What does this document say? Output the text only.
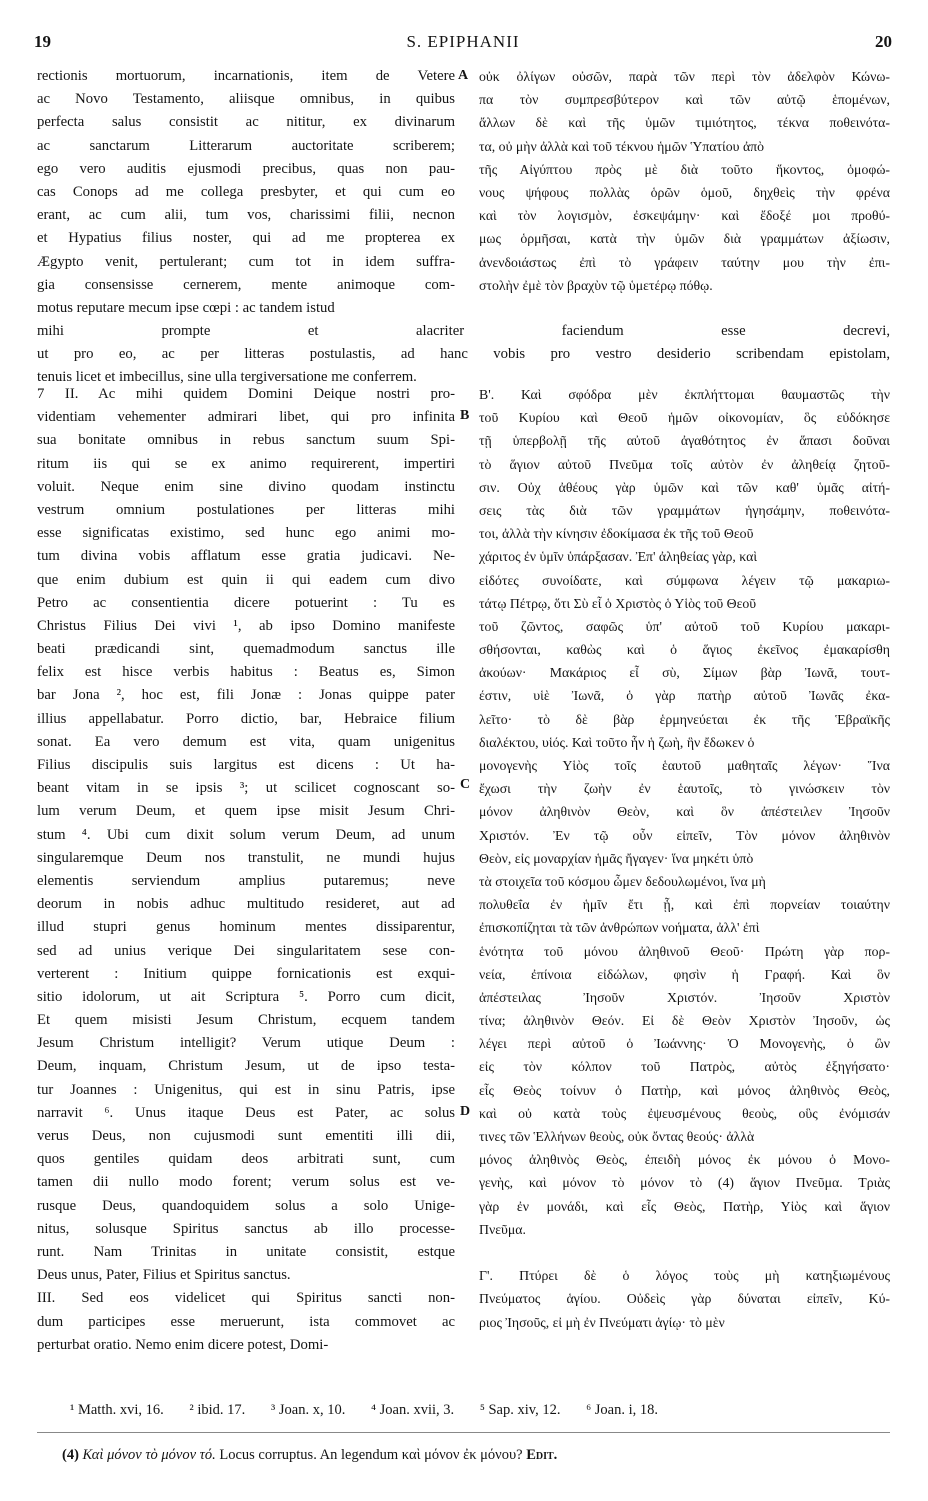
19	S. EPIPHANII	20
rectionis mortuorum, incarnationis, item de Vetere
ac Novo Testamento, aliisque omnibus, in quibus
perfecta salus consistit ac nititur, ex divinarum
ac sanctarum Litterarum auctoritate scriberem;
ego vero auditis ejusmodi precibus, quas non pau-
cas Conops ad me collega presbyter, et qui cum eo
erant, ac cum alii, tum vos, charissimi filii, necnon
et Hypatius filius noster, qui ad me propterea ex
Ægypto venit, pertulerant; cum tot in idem suffra-
gia consensisse cernerem, mente animoque com-
motus reputare mecum ipse cœpi : ac tandem istud
οὐκ ὀλίγων οὐσῶν, παρὰ τῶν περὶ τὸν ἀδελφὸν Κώνω-
πα τὸν συμπρεσβύτερον καὶ τῶν αὐτῷ ἑπομένων,
ἄλλων δὲ καὶ τῆς ὑμῶν τιμιότητος, τέκνα ποθεινότα-
τα, οὐ μὴν ἀλλὰ καὶ τοῦ τέκνου ἡμῶν Ὑπατίου ἀπὸ
τῆς Αἰγύπτου πρὸς μὲ διὰ τοῦτο ἥκοντος, ὁμοφώ-
νους ψήφους πολλὰς ὁρῶν ὁμοῦ, δηχθεὶς τὴν φρένα
καὶ τὸν λογισμὸν, ἐσκεψάμην· καὶ ἔδοξέ μοι προθύ-
μως ὁρμῆσαι, κατὰ τὴν ὑμῶν διὰ γραμμάτων ἀξίωσιν,
ἀνενδοιάστως ἐπὶ τὸ γράφειν ταύτην μου τὴν ἐπι-
στολὴν ἐμὲ τὸν βραχὺν τῷ ὑμετέρῳ πόθῳ.
mihi prompte et alacriter faciendum esse decrevi,
ut pro eo, ac per litteras postulastis, ad hanc vobis pro vestro desiderio scribendam epistolam,
tenuis licet et imbecillus, sine ulla tergiversatione me conferrem.
7 II. Ac mihi quidem Domini Deique nostri pro-
videntiam vehementer admirari libet, qui pro infinita
sua bonitate omnibus in rebus sanctum suum Spi-
ritum iis qui se ex animo requirerent, impertiri
voluit. Neque enim sine divino quodam instinctu
vestrum omnium postulationes per litteras mihi
esse significatas existimo, sed hunc ego animi mo-
tum divina vobis afflatum esse gratia judicavi. Ne-
que enim dubium est quin ii qui eadem cum divo
Petro ac consentientia dicere potuerint : Tu es
Christus Filius Dei vivi ¹, ab ipso Domino manifeste
beati prædicandi sint, quemadmodum sanctus ille
felix est hisce verbis habitus : Beatus es, Simon
bar Jona ², hoc est, fili Jonæ : Jonas quippe pater
illius appellabatur. Porro dictio, bar, Hebraice filium
sonat. Ea vero demum est vita, quam unigenitus
Filius discipulis suis largitus est dicens : Ut ha-
beant vitam in se ipsis ³; ut scilicet cognoscant so-
lum verum Deum, et quem ipse misit Jesum Chri-
stum ⁴. Ubi cum dixit solum verum Deum, ad unum
singularemque Deum nos transtulit, ne mundi hujus
elementis serviendum amplius putaremus; neve
deorum in nobis adhuc multitudo resideret, aut ad
illud stupri genus hominum mentes dissiparentur,
sed ad unius verique Dei singularitatem sese con-
verterent : Initium quippe fornicationis est exqui-
sitio idolorum, ut ait Scriptura ⁵. Porro cum dicit,
Et quem misisti Jesum Christum, ecquem tandem
Jesum Christum intelligit? Verum utique Deum :
Deum, inquam, Christum Jesum, ut de ipso testa-
tur Joannes : Unigenitus, qui est in sinu Patris, ipse
narravit ⁶. Unus itaque Deus est Pater, ac solus
verus Deus, non cujusmodi sunt ementiti illi dii,
quos gentiles quidam deos arbitrati sunt, cum
tamen dii nullo modo forent; verum solus est ve-
rusque Deus, quandoquidem solus a solo Unige-
nitus, solusque Spiritus sanctus ab illo processe-
runt. Nam Trinitas in unitate consistit, estque
Deus unus, Pater, Filius et Spiritus sanctus.
III. Sed eos videlicet qui Spiritus sancti non-
dum participes esse meruerunt, ista commovet ac
perturbat oratio. Nemo enim dicere potest, Domi-
Β'. Καὶ σφόδρα μὲν ἐκπλήττομαι θαυμαστῶς τὴν
τοῦ Κυρίου καὶ Θεοῦ ἡμῶν οἰκονομίαν, ὃς εὐδόκησε
τῇ ὑπερβολῇ τῆς αὐτοῦ ἀγαθότητος ἐν ἅπασι δοῦναι
τὸ ἅγιον αὐτοῦ Πνεῦμα τοῖς αὐτὸν ἐν ἀληθείᾳ ζητοῦ-
σιν. Οὐχ ἀθέους γὰρ ὑμῶν καὶ τῶν καθ' ὑμᾶς αἰτή-
σεις τὰς διὰ τῶν γραμμάτων ἡγησάμην, ποθεινότα-
τοι, ἀλλὰ τὴν κίνησιν ἐδοκίμασα ἐκ τῆς τοῦ Θεοῦ
χάριτος ἐν ὑμῖν ὑπάρξασαν. Ἐπ' ἀληθείας γὰρ, καὶ
εἰδότες συνοίδατε, καὶ σύμφωνα λέγειν τῷ μακαριω-
τάτῳ Πέτρῳ, ὅτι Σὺ εἶ ὁ Χριστὸς ὁ Υἱὸς τοῦ Θεοῦ
τοῦ ζῶντος, σαφῶς ὑπ' αὐτοῦ τοῦ Κυρίου μακαρι-
σθήσονται, καθὼς καὶ ὁ ἅγιος ἐκεῖνος ἐμακαρίσθη
ἀκούων· Μακάριος εἶ σὺ, Σίμων βὰρ Ἰωνᾶ, τουτ-
έστιν, υἱὲ Ἰωνᾶ, ὁ γὰρ πατὴρ αὐτοῦ Ἰωνᾶς ἐκα-
λεῖτο· τὸ δὲ βὰρ ἑρμηνεύεται ἐκ τῆς Ἑβραϊκῆς
διαλέκτου, υἱός. Καὶ τοῦτο ἦν ἡ ζωὴ, ἣν ἔδωκεν ὁ
μονογενὴς Υἱὸς τοῖς ἑαυτοῦ μαθηταῖς λέγων· Ἵνα
ἔχωσι τὴν ζωὴν ἐν ἑαυτοῖς, τὸ γινώσκειν τὸν
μόνον ἀληθινὸν Θεὸν, καὶ ὃν ἀπέστειλεν Ἰησοῦν
Χριστόν. Ἐν τῷ οὖν εἰπεῖν, Τὸν μόνον ἀληθινὸν
Θεὸν, εἰς μοναρχίαν ἡμᾶς ἤγαγεν· ἵνα μηκέτι ὑπὸ
τὰ στοιχεῖα τοῦ κόσμου ὦμεν δεδουλωμένοι, ἵνα μὴ
πολυθεΐα ἐν ἡμῖν ἔτι ᾖ, καὶ ἐπὶ πορνείαν τοιαύτην
ἐπισκοπίζηται τὰ τῶν ἀνθρώπων νοήματα, ἀλλ' ἐπὶ
ἑνότητα τοῦ μόνου ἀληθινοῦ Θεοῦ· Πρώτη γὰρ πορ-
νεία, ἐπίνοια εἰδώλων, φησὶν ἡ Γραφή. Καὶ ὃν
ἀπέστειλας Ἰησοῦν Χριστόν. Ἰησοῦν Χριστὸν
τίνα; ἀληθινὸν Θεόν. Εἰ δὲ Θεὸν Χριστὸν Ἰησοῦν, ὡς
λέγει περὶ αὐτοῦ ὁ Ἰωάννης· Ὁ Μονογενὴς, ὁ ὢν
εἰς τὸν κόλπον τοῦ Πατρὸς, αὐτὸς ἐξηγήσατο·
εἷς Θεὸς τοίνυν ὁ Πατὴρ, καὶ μόνος ἀληθινὸς Θεὸς,
καὶ οὐ κατὰ τοὺς ἐψευσμένους θεοὺς, οὓς ἐνόμισάν
τινες τῶν Ἑλλήνων θεοὺς, οὐκ ὄντας θεούς· ἀλλὰ
μόνος ἀληθινὸς Θεὸς, ἐπειδὴ μόνος ἐκ μόνου ὁ Μονο-
γενὴς, καὶ μόνον τὸ μόνον τὸ (4) ἅγιον Πνεῦμα. Τριὰς
γὰρ ἐν μονάδι, καὶ εἷς Θεὸς, Πατὴρ, Υἱὸς καὶ ἅγιον
Πνεῦμα.
Γ'. Πτύρει δὲ ὁ λόγος τοὺς μὴ κατηξιωμένους
Πνεύματος ἁγίου. Οὐδεὶς γὰρ δύναται εἰπεῖν, Κύ-
ριος Ἰησοῦς, εἰ μὴ ἐν Πνεύματι ἁγίῳ· τὸ μὲν
A
B
C
D
¹ Matth. xvi, 16. ² ibid. 17. ³ Joan. x, 10. ⁴ Joan. xvii, 3. ⁵ Sap. xiv, 12. ⁶ Joan. i, 18.
(4) Καὶ μόνον τὸ μόνον τό. Locus corruptus. An legendum καὶ μόνον ἐκ μόνου? Edit.
